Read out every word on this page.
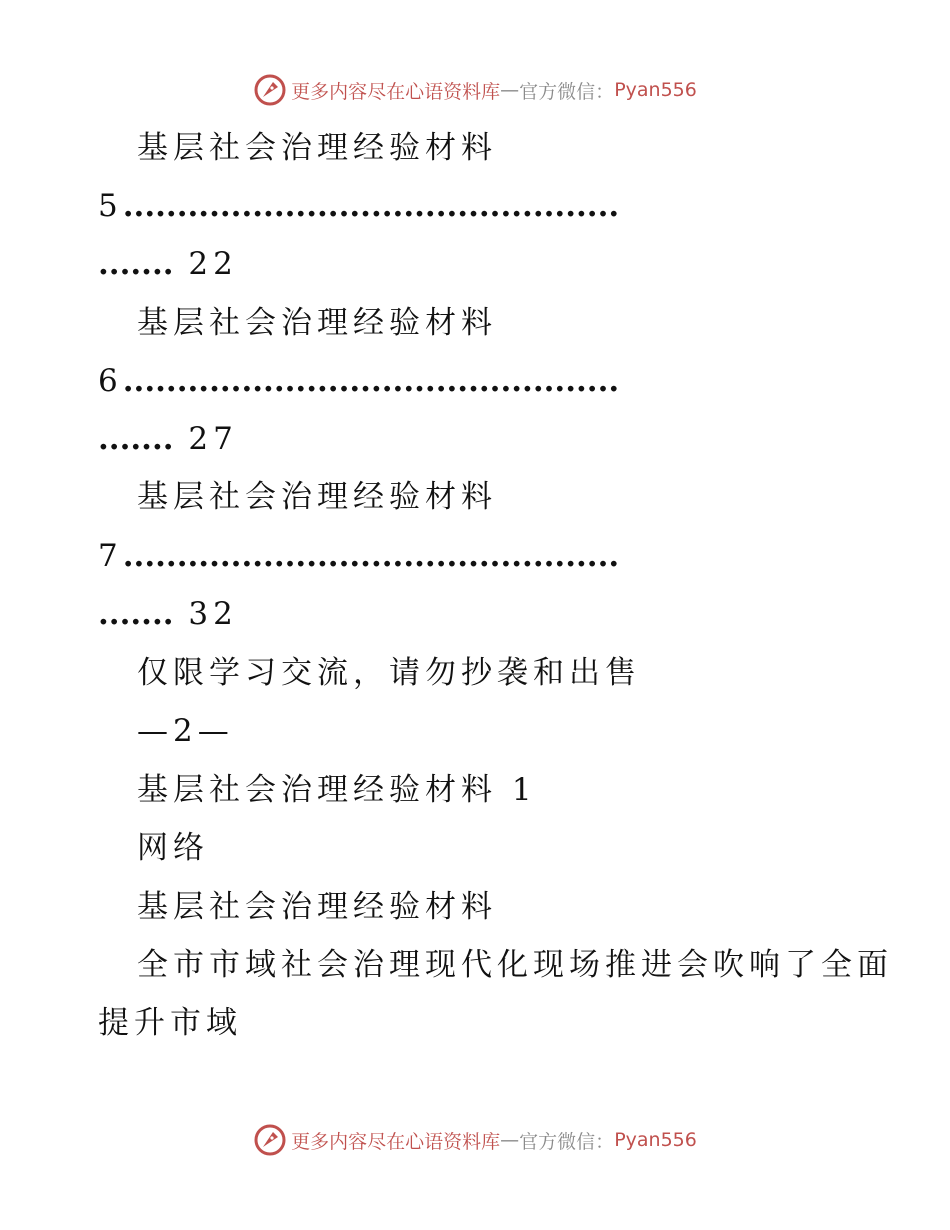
更多内容尽在心语资料库 — 官方微信： Pyan556
基层社会治理经验材料
5..............................................
....... 22
基层社会治理经验材料
6..............................................
....... 27
基层社会治理经验材料
7..............................................
....... 32
仅限学习交流，请勿抄袭和出售
—2—
基层社会治理经验材料 1
网络
基层社会治理经验材料
全市市域社会治理现代化现场推进会吹响了全面
提升市域
更多内容尽在心语资料库 — 官方微信： Pyan556
